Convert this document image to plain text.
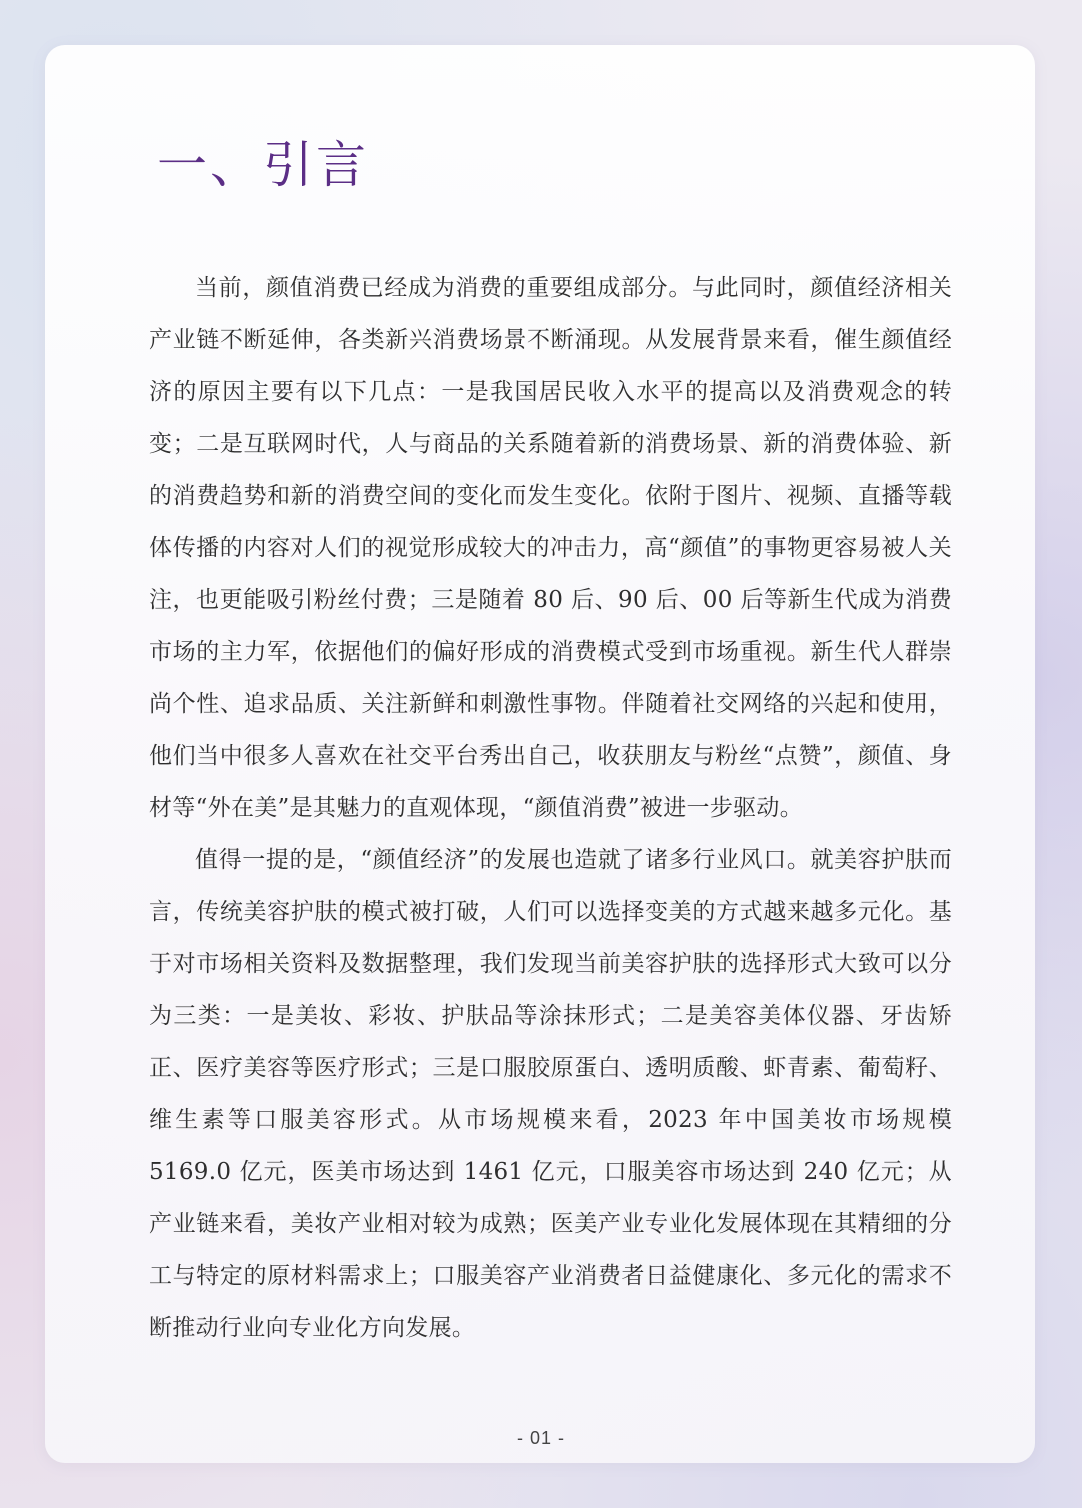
一、引言

当前，颜值消费已经成为消费的重要组成部分。与此同时，颜值经济相关产业链不断延伸，各类新兴消费场景不断涌现。从发展背景来看，催生颜值经济的原因主要有以下几点：一是我国居民收入水平的提高以及消费观念的转变；二是互联网时代，人与商品的关系随着新的消费场景、新的消费体验、新的消费趋势和新的消费空间的变化而发生变化。依附于图片、视频、直播等载体传播的内容对人们的视觉形成较大的冲击力，高“颜值”的事物更容易被人关注，也更能吸引粉丝付费；三是随着 80 后、90 后、00 后等新生代成为消费市场的主力军，依据他们的偏好形成的消费模式受到市场重视。新生代人群崇尚个性、追求品质、关注新鲜和刺激性事物。伴随着社交网络的兴起和使用，他们当中很多人喜欢在社交平台秀出自己，收获朋友与粉丝“点赞”，颜值、身材等“外在美”是其魅力的直观体现，“颜值消费”被进一步驱动。

值得一提的是，“颜值经济”的发展也造就了诸多行业风口。就美容护肤而言，传统美容护肤的模式被打破，人们可以选择变美的方式越来越多元化。基于对市场相关资料及数据整理，我们发现当前美容护肤的选择形式大致可以分为三类：一是美妆、彩妆、护肤品等涂抹形式；二是美容美体仪器、牙齿矫正、医疗美容等医疗形式；三是口服胶原蛋白、透明质酸、虾青素、葡萄籽、维生素等口服美容形式。从市场规模来看，2023 年中国美妆市场规模 5169.0 亿元，医美市场达到 1461 亿元，口服美容市场达到 240 亿元；从产业链来看，美妆产业相对较为成熟；医美产业专业化发展体现在其精细的分工与特定的原材料需求上；口服美容产业消费者日益健康化、多元化的需求不断推动行业向专业化方向发展。

- 01 -
